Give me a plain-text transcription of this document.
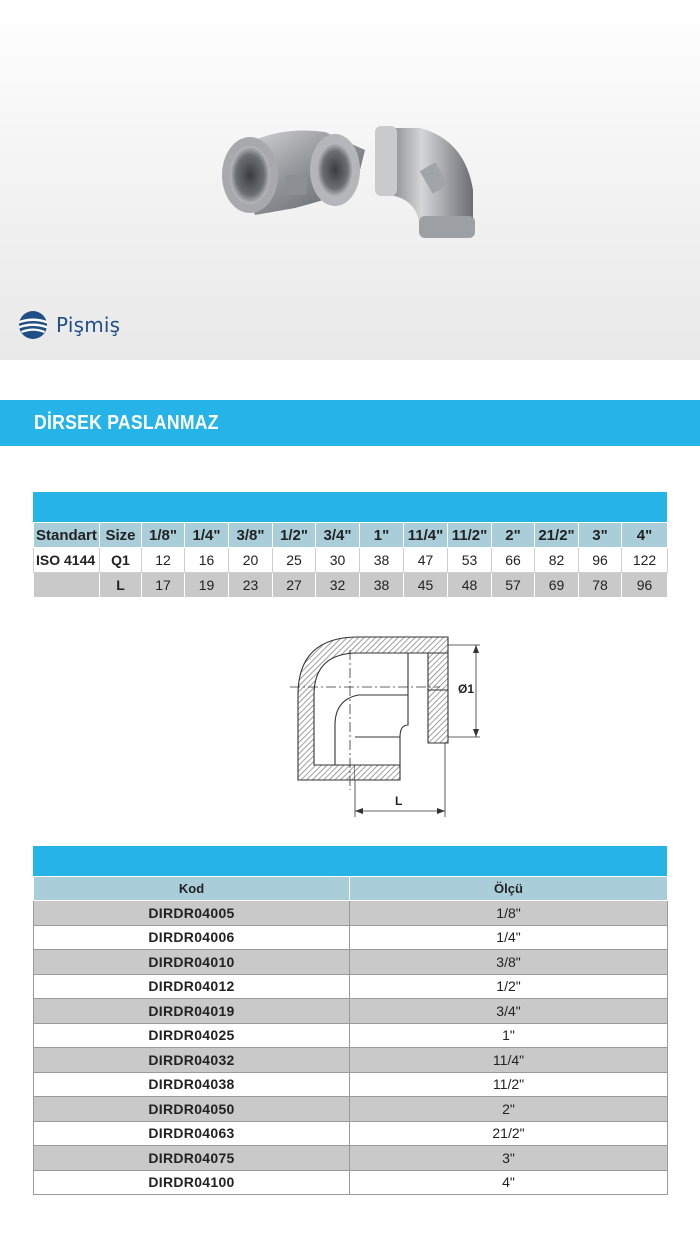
Pişmiş
DİRSEK PASLANMAZ
Standart	Size	1/8"	1/4"	3/8"	1/2"	3/4"	1"	11/4"	11/2"	2"	21/2"	3"	4"
ISO 4144	Q1	12	16	20	25	30	38	47	53	66	82	96	122
	L	17	19	23	27	32	38	45	48	57	69	78	96
Ø1
L
Kod	Ölçü
DIRDR04005	1/8"
DIRDR04006	1/4"
DIRDR04010	3/8"
DIRDR04012	1/2"
DIRDR04019	3/4"
DIRDR04025	1"
DIRDR04032	11/4"
DIRDR04038	11/2"
DIRDR04050	2"
DIRDR04063	21/2"
DIRDR04075	3"
DIRDR04100	4"
